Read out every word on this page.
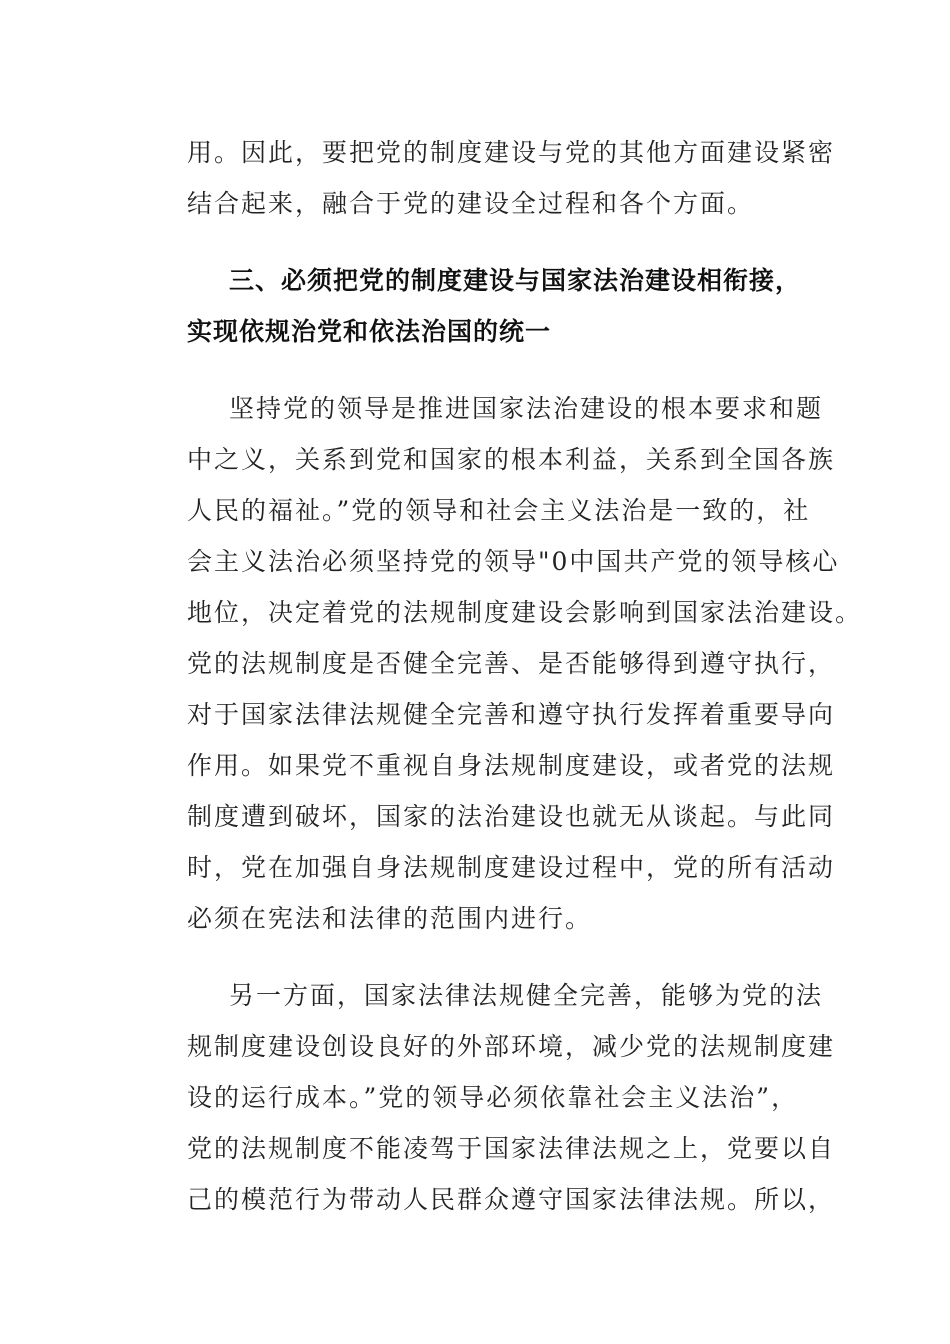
用。因此，要把党的制度建设与党的其他方面建设紧密
结合起来，融合于党的建设全过程和各个方面。
三、必须把党的制度建设与国家法治建设相衔接，
实现依规治党和依法治国的统一
坚持党的领导是推进国家法治建设的根本要求和题
中之义，关系到党和国家的根本利益，关系到全国各族
人民的福祉。”党的领导和社会主义法治是一致的，社
会主义法治必须坚持党的领导"0中国共产党的领导核心
地位，决定着党的法规制度建设会影响到国家法治建设。
党的法规制度是否健全完善、是否能够得到遵守执行，
对于国家法律法规健全完善和遵守执行发挥着重要导向
作用。如果党不重视自身法规制度建设，或者党的法规
制度遭到破坏，国家的法治建设也就无从谈起。与此同
时，党在加强自身法规制度建设过程中，党的所有活动
必须在宪法和法律的范围内进行。
另一方面，国家法律法规健全完善，能够为党的法
规制度建设创设良好的外部环境，减少党的法规制度建
设的运行成本。”党的领导必须依靠社会主义法治”，
党的法规制度不能凌驾于国家法律法规之上，党要以自
己的模范行为带动人民群众遵守国家法律法规。所以，
